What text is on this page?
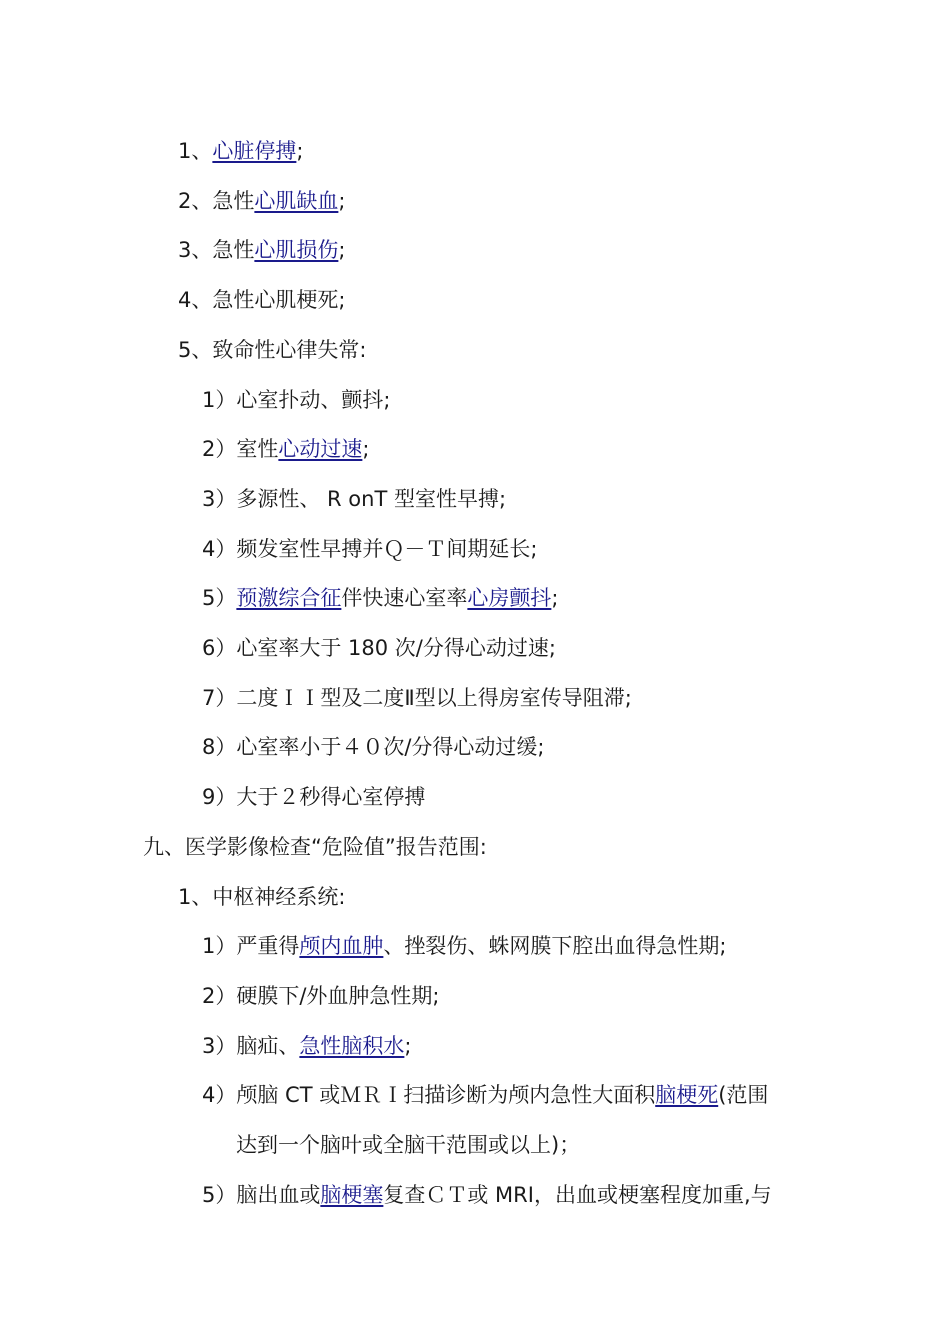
1、心脏停搏;
2、急性心肌缺血;
3、急性心肌损伤;
4、急性心肌梗死;
5、致命性心律失常:
1）心室扑动、颤抖;
2）室性心动过速;
3）多源性、 R onT 型室性早搏;
4）频发室性早搏并Ｑ－Ｔ间期延长;
5）预激综合征伴快速心室率心房颤抖;
6）心室率大于 180 次/分得心动过速;
7）二度ＩＩ型及二度Ⅱ型以上得房室传导阻滞;
8）心室率小于４０次/分得心动过缓;
9）大于２秒得心室停搏
九、医学影像检查“危险值”报告范围:
1、中枢神经系统:
1）严重得颅内血肿、挫裂伤、蛛网膜下腔出血得急性期;
2）硬膜下/外血肿急性期;
3）脑疝、急性脑积水;
4）颅脑 CT 或ＭＲＩ扫描诊断为颅内急性大面积脑梗死(范围
达到一个脑叶或全脑干范围或以上)；
5）脑出血或脑梗塞复查ＣＴ或 MRI，出血或梗塞程度加重,与
